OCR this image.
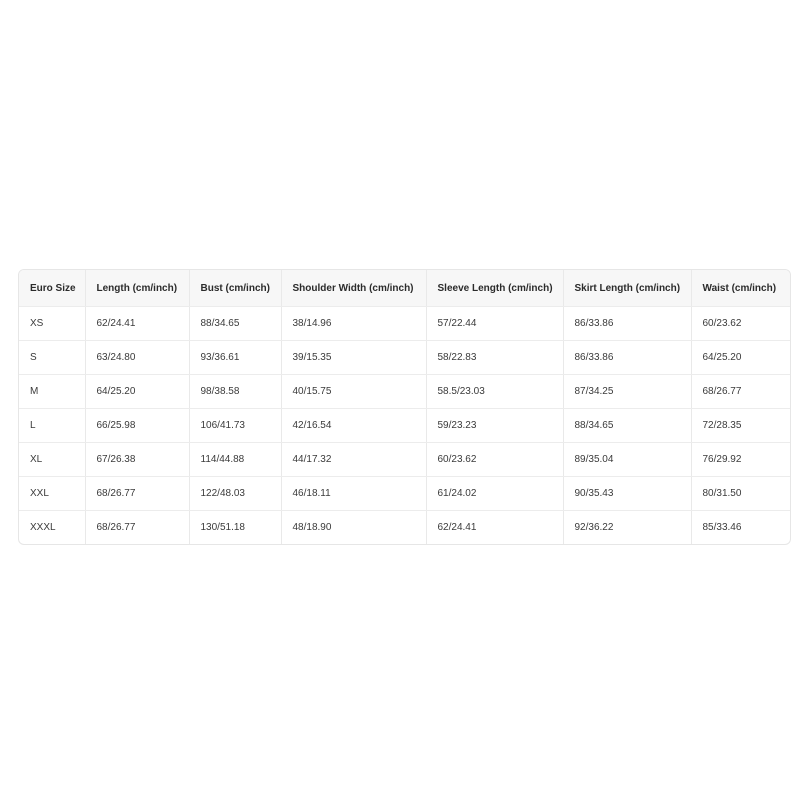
Euro Size	Length (cm/inch)	Bust (cm/inch)	Shoulder Width (cm/inch)	Sleeve Length (cm/inch)	Skirt Length (cm/inch)	Waist (cm/inch)
XS	62/24.41	88/34.65	38/14.96	57/22.44	86/33.86	60/23.62
S	63/24.80	93/36.61	39/15.35	58/22.83	86/33.86	64/25.20
M	64/25.20	98/38.58	40/15.75	58.5/23.03	87/34.25	68/26.77
L	66/25.98	106/41.73	42/16.54	59/23.23	88/34.65	72/28.35
XL	67/26.38	114/44.88	44/17.32	60/23.62	89/35.04	76/29.92
XXL	68/26.77	122/48.03	46/18.11	61/24.02	90/35.43	80/31.50
XXXL	68/26.77	130/51.18	48/18.90	62/24.41	92/36.22	85/33.46
